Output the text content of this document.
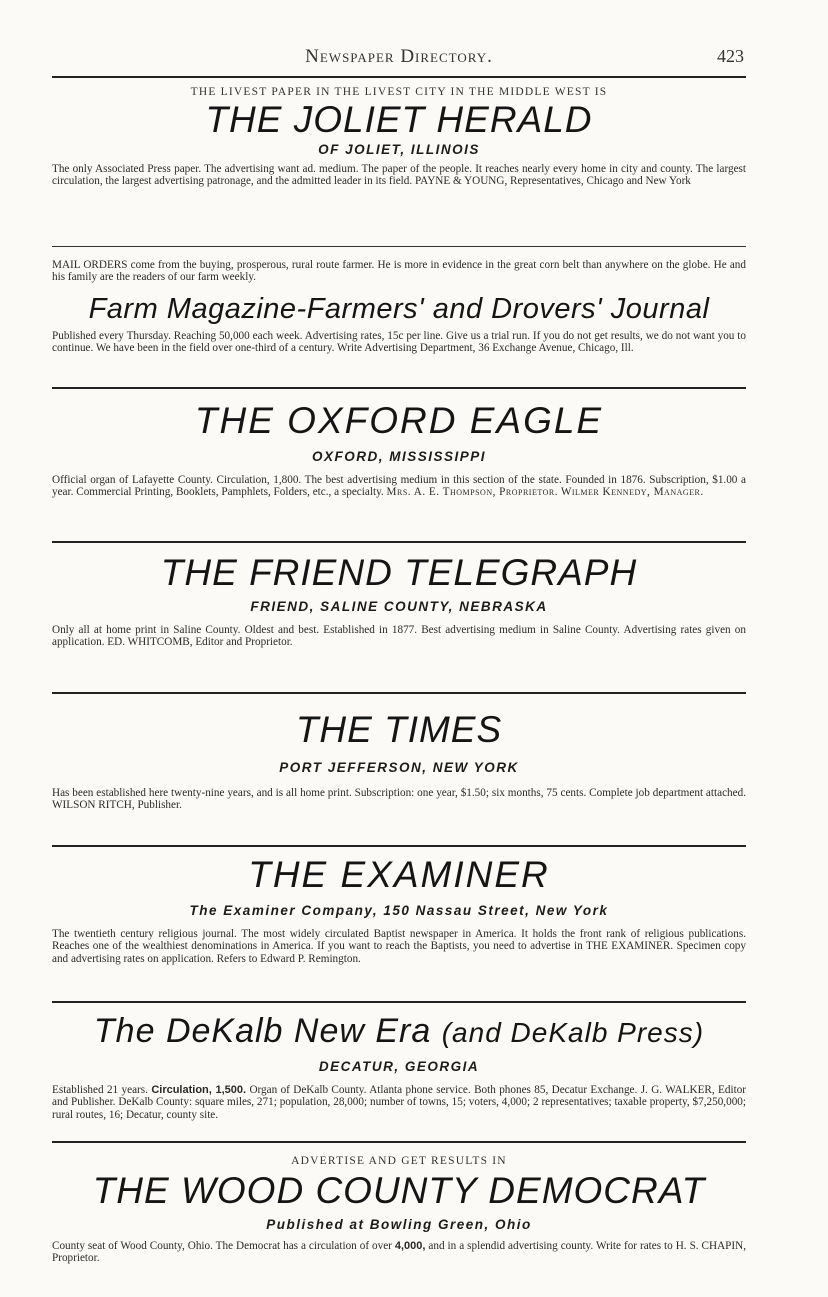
Newspaper Directory.	423
THE LIVEST PAPER IN THE LIVEST CITY IN THE MIDDLE WEST IS
THE JOLIET HERALD
OF JOLIET, ILLINOIS

The only Associated Press paper. The advertising want ad. medium. The paper of the people. It reaches nearly every home in city and county. The largest circulation, the largest advertising patronage, and the admitted leader in its field. PAYNE & YOUNG, Representatives, Chicago and New York

MAIL ORDERS come from the buying, prosperous, rural route farmer. He is more in evidence in the great corn belt than anywhere on the globe. He and his family are the readers of our farm weekly.

Farm Magazine-Farmers' and Drovers' Journal

Published every Thursday. Reaching 50,000 each week. Advertising rates, 15c per line. Give us a trial run. If you do not get results, we do not want you to continue. We have been in the field over one-third of a century. Write Advertising Department, 36 Exchange Avenue, Chicago, Ill.

THE OXFORD EAGLE
OXFORD, MISSISSIPPI

Official organ of Lafayette County. Circulation, 1,800. The best advertising medium in this section of the state. Founded in 1876. Subscription, $1.00 a year. Commercial Printing, Booklets, Pamphlets, Folders, etc., a specialty. Mrs. A. E. Thompson, Proprietor. Wilmer Kennedy, Manager.

THE FRIEND TELEGRAPH
FRIEND, SALINE COUNTY, NEBRASKA

Only all at home print in Saline County. Oldest and best. Established in 1877. Best advertising medium in Saline County. Advertising rates given on application. ED. WHITCOMB, Editor and Proprietor.

THE TIMES
PORT JEFFERSON, NEW YORK

Has been established here twenty-nine years, and is all home print. Subscription: one year, $1.50; six months, 75 cents. Complete job department attached. WILSON RITCH, Publisher.

THE EXAMINER
The Examiner Company, 150 Nassau Street, New York

The twentieth century religious journal. The most widely circulated Baptist newspaper in America. It holds the front rank of religious publications. Reaches one of the wealthiest denominations in America. If you want to reach the Baptists, you need to advertise in THE EXAMINER. Specimen copy and advertising rates on application. Refers to Edward P. Remington.

The DeKalb New Era (and DeKalb Press)
DECATUR, GEORGIA

Established 21 years. Circulation, 1,500. Organ of DeKalb County. Atlanta phone service. Both phones 85, Decatur Exchange. J. G. WALKER, Editor and Publisher. DeKalb County: square miles, 271; population, 28,000; number of towns, 15; voters, 4,000; 2 representatives; taxable property, $7,250,000; rural routes, 16; Decatur, county site.

ADVERTISE AND GET RESULTS IN
THE WOOD COUNTY DEMOCRAT
Published at Bowling Green, Ohio

County seat of Wood County, Ohio. The Democrat has a circulation of over 4,000, and in a splendid advertising county. Write for rates to H. S. CHAPIN, Proprietor.
